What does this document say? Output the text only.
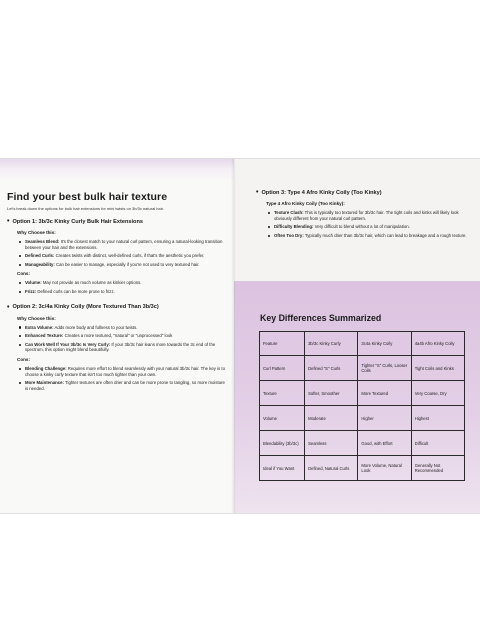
Find your best bulk hair texture

Let's break down the options for bulk hair extensions for mini twists on 3b/3c natural hair.

• Option 1: 3b/3c Kinky Curly Bulk Hair Extensions
Why Choose this:
Seamless Blend: It's the closest match to your natural curl pattern, ensuring a natural-looking transition between your hair and the extensions.
Defined Curls: Creates twists with distinct, well-defined curls, if that's the aesthetic you prefer.
Manageability: Can be easier to manage, especially if you're not used to very textured hair.
Cons:
Volume: May not provide as much volume as kinkier options.
Frizz: Defined curls can be more prone to frizz.
• Option 2: 3c/4a Kinky Coily (More Textured Than 3b/3c)
Why Choose this:
Extra Volume: Adds more body and fullness to your twists.
Enhanced Texture: Creates a more textured, "natural" or "unprocessed" look
Can Work Well If Your 3b/3c Is Very Curly: If your 3b/3c hair leans more towards the 3c end of the spectrum, this option might blend beautifully.
Cons:
Blending Challenge: Requires more effort to blend seamlessly with your natural 3b/3c hair. The key is to choose a kinky curly texture that isn't too much tighter than your own.
More Maintenance: Tighter textures are often drier and can be more prone to tangling, so more moisture is needed.
• Option 3: Type 4 Afro Kinky Coily (Too Kinky)
Type 4 Afro Kinky Coily (Too Kinky):
Texture Clash: This is typically too textured for 3b/3c hair. The tight coils and kinks will likely look obviously different from your natural curl pattern.
Difficulty Blending: Very difficult to blend without a lot of manipulation.
Often Too Dry: Typically much drier than 3b/3c hair, which can lead to breakage and a rough texture.
Key Differences Summarized
Feature	3b/3c Kinky Curly	3c4a Kinky Coily	4a4b Afro Kinky Coily
Curl Pattern	Defined "S" Curls	Tighter "S" Curls, Looser Coils	Tight Coils and Kinks
Texture	Softer, Smoother	More Textured	Very Coarse, Dry
Volume	Moderate	Higher	Highest
Blendability (3b/3c)	Seamless	Good, with Effort	Difficult
Ideal if You Want	Defined, Natural Curls	More Volume, Natural Look	Generally Not Recommended
